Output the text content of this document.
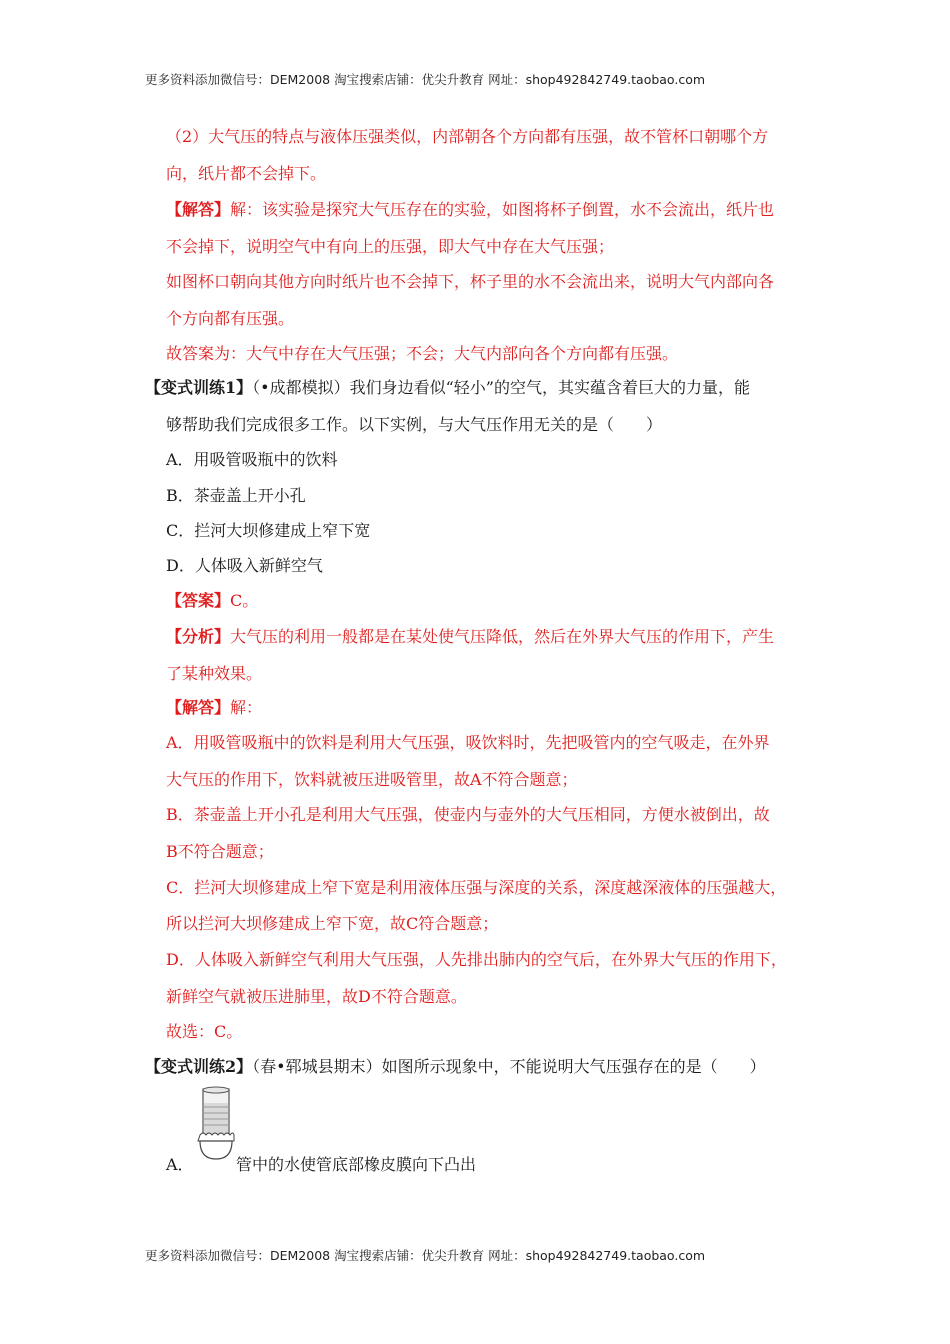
更多资料添加微信号：DEM2008 淘宝搜索店铺：优尖升教育 网址：shop492842749.taobao.com
（2）大气压的特点与液体压强类似，内部朝各个方向都有压强，故不管杯口朝哪个方
向，纸片都不会掉下。
【解答】解：该实验是探究大气压存在的实验，如图将杯子倒置，水不会流出，纸片也
不会掉下，说明空气中有向上的压强，即大气中存在大气压强；
如图杯口朝向其他方向时纸片也不会掉下，杯子里的水不会流出来，说明大气内部向各
个方向都有压强。
故答案为：大气中存在大气压强；不会；大气内部向各个方向都有压强。
【变式训练1】（•成都模拟）我们身边看似“轻小”的空气，其实蕴含着巨大的力量，能
够帮助我们完成很多工作。以下实例，与大气压作用无关的是（　　）
A．用吸管吸瓶中的饮料
B．茶壶盖上开小孔
C．拦河大坝修建成上窄下宽
D．人体吸入新鲜空气
【答案】C。
【分析】大气压的利用一般都是在某处使气压降低，然后在外界大气压的作用下，产生
了某种效果。
【解答】解：
A．用吸管吸瓶中的饮料是利用大气压强，吸饮料时，先把吸管内的空气吸走，在外界
大气压的作用下，饮料就被压进吸管里，故A不符合题意；
B．茶壶盖上开小孔是利用大气压强，使壶内与壶外的大气压相同，方便水被倒出，故
B不符合题意；
C．拦河大坝修建成上窄下宽是利用液体压强与深度的关系，深度越深液体的压强越大，
所以拦河大坝修建成上窄下宽，故C符合题意；
D．人体吸入新鲜空气利用大气压强，人先排出肺内的空气后，在外界大气压的作用下，
新鲜空气就被压进肺里，故D不符合题意。
故选：C。
【变式训练2】（春•郓城县期末）如图所示现象中，不能说明大气压强存在的是（　　）
A．	管中的水使管底部橡皮膜向下凸出
更多资料添加微信号：DEM2008 淘宝搜索店铺：优尖升教育 网址：shop492842749.taobao.com
